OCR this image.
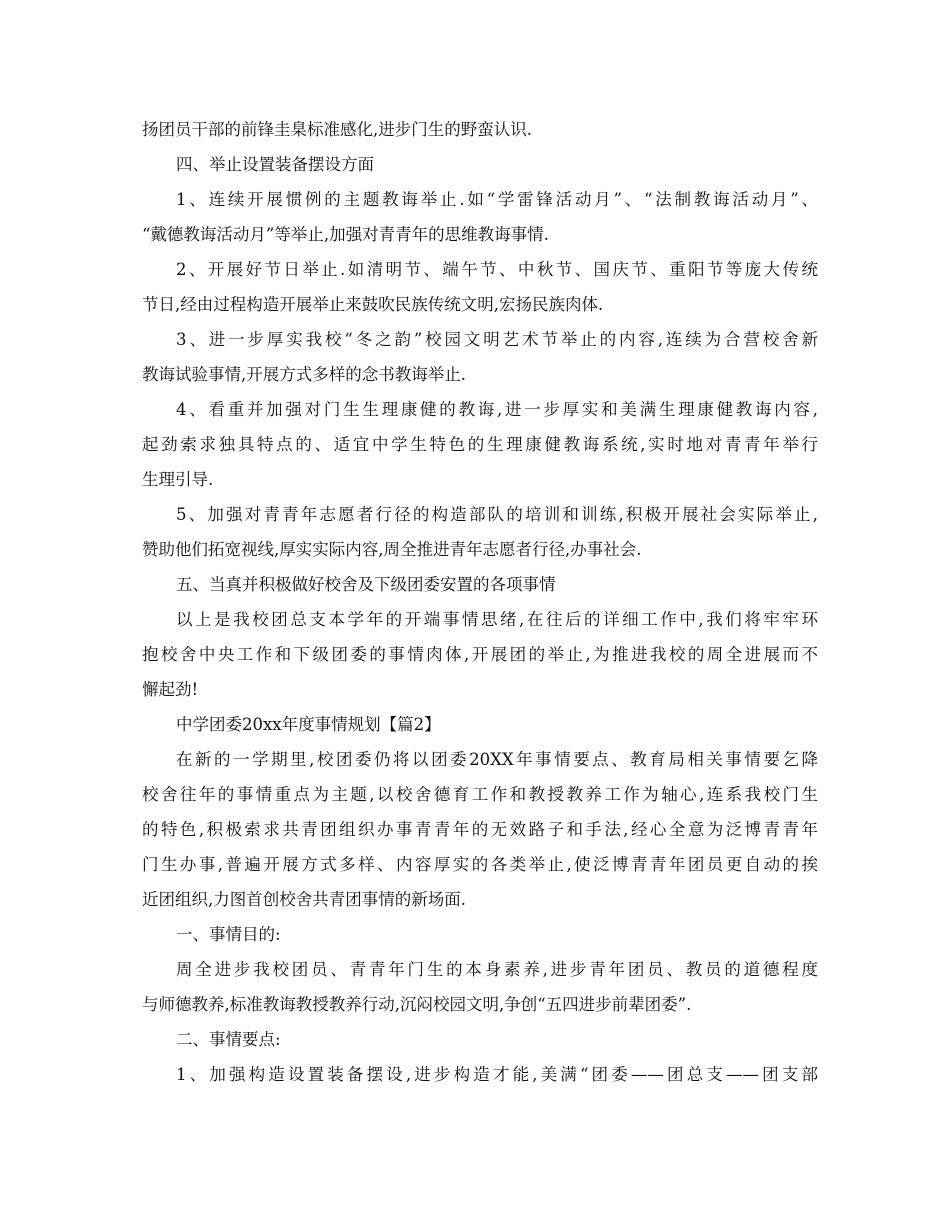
扬团员干部的前锋圭臬标准感化,进步门生的野蛮认识.
四、举止设置装备摆设方面
1、连续开展惯例的主题教诲举止.如“学雷锋活动月”、“法制教诲活动月”、
“戴德教诲活动月”等举止,加强对青青年的思维教诲事情.
2、开展好节日举止.如清明节、端午节、中秋节、国庆节、重阳节等庞大传统
节日,经由过程构造开展举止来鼓吹民族传统文明,宏扬民族肉体.
3、进一步厚实我校“冬之韵”校园文明艺术节举止的内容,连续为合营校舍新
教诲试验事情,开展方式多样的念书教诲举止.
4、看重并加强对门生生理康健的教诲,进一步厚实和美满生理康健教诲内容,
起劲索求独具特点的、适宜中学生特色的生理康健教诲系统,实时地对青青年举行
生理引导.
5、加强对青青年志愿者行径的构造部队的培训和训练,积极开展社会实际举止,
赞助他们拓宽视线,厚实实际内容,周全推进青年志愿者行径,办事社会.
五、当真并积极做好校舍及下级团委安置的各项事情
以上是我校团总支本学年的开端事情思绪,在往后的详细工作中,我们将牢牢环
抱校舍中央工作和下级团委的事情肉体,开展团的举止,为推进我校的周全进展而不
懈起劲!
中学团委20xx年度事情规划【篇2】
在新的一学期里,校团委仍将以团委20XX年事情要点、教育局相关事情要乞降
校舍往年的事情重点为主题,以校舍德育工作和教授教养工作为轴心,连系我校门生
的特色,积极索求共青团组织办事青青年的无效路子和手法,经心全意为泛博青青年
门生办事,普遍开展方式多样、内容厚实的各类举止,使泛博青青年团员更自动的挨
近团组织,力图首创校舍共青团事情的新场面.
一、事情目的:
周全进步我校团员、青青年门生的本身素养,进步青年团员、教员的道德程度
与师德教养,标准教诲教授教养行动,沉闷校园文明,争创“五四进步前辈团委”.
二、事情要点:
1、加强构造设置装备摆设,进步构造才能,美满“团委——团总支——团支部
